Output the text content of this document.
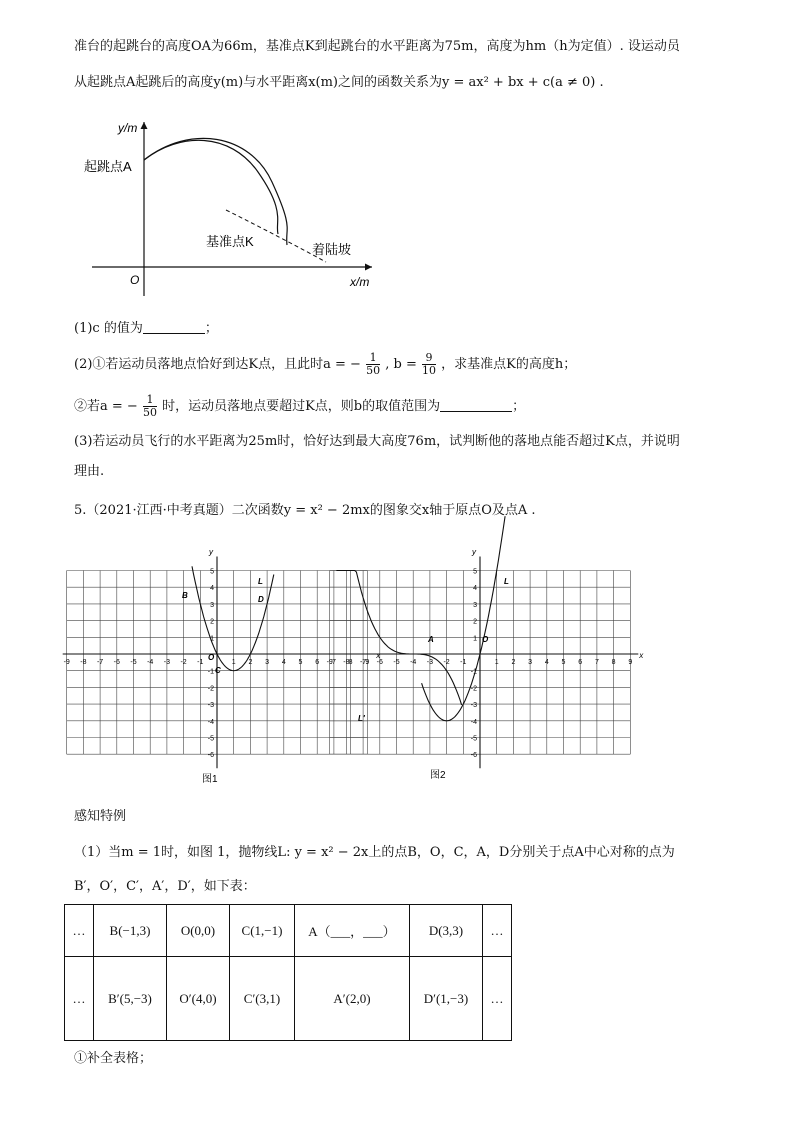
准台的起跳台的高度OA为66m，基准点K到起跳台的水平距离为75m，高度为hm（h为定值）. 设运动员
从起跳点A起跳后的高度y(m)与水平距离x(m)之间的函数关系为y = ax² + bx + c(a ≠ 0) .
y/m
x/m
O
起跳点A
基准点K
着陆坡
(1)c 的值为	；
(2)①若运动员落地点恰好到达K点，且此时a = − $\frac{1}{50}$ , $b = \frac{9}{10}$ ，求基准点K的高度h；
②若a = − $\frac{1}{50}$ 时，运动员落地点要超过K点，则b的取值范围为	；
(3)若运动员飞行的水平距离为25m时，恰好达到最大高度76m，试判断他的落地点能否超过K点，并说明
理由.
5.（2021·江西·中考真题）二次函数y = x² − 2mx的图象交x轴于原点O及点A .
x
y
-9 -8 -7 -6 -5 -4 -3 -2 -1	1 2 3 4 5 6 7 8 9
5
4
3
2
1
-1
-2
-3
-4
-5
-6
B
L
D
O
C
x
y
-9 -8 -7 -6 -5 -4 -3 -2 -1	1 2 3 4 5 6 7 8 9
5
4
3
2
1
-1
-2
-3
-4
-5
-6
L
A	O
L′
图1	图2
感知特例
（1）当m = 1时，如图 1，抛物线L: y = x² − 2x上的点B，O，C，A，D分别关于点A中心对称的点为
B′，O′，C′，A′，D′，如下表：
…	B(−1,3)	O(0,0)	C(1,−1)	A（___，___）	D(3,3)	…
…	B′(5,−3)	O′(4,0)	C′(3,1)	A′(2,0)	D′(1,−3)	…
①补全表格；
